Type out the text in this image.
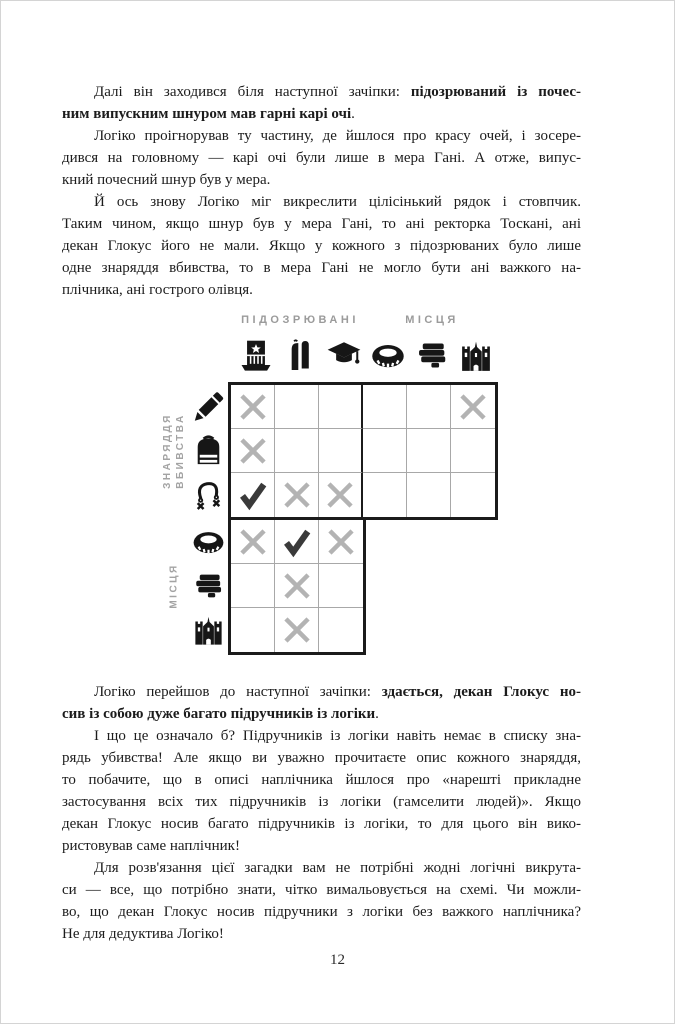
Далі він заходився біля наступної зачіпки: підозрюваний із почес-
ним випускним шнуром мав гарні карі очі.
Логіко проігнорував ту частину, де йшлося про красу очей, і зосере-
дився на головному — карі очі були лише в мера Гані. А отже, випус-
кний почесний шнур був у мера.
Й ось знову Логіко міг викреслити цілісінький рядок і стовпчик.
Таким чином, якщо шнур був у мера Гані, то ані ректорка Тоскані, ані
декан Глокус його не мали. Якщо у кожного з підозрюваних було лише
одне знаряддя вбивства, то в мера Гані не могло бути ані важкого на-
плічника, ані гострого олівця.
ПІДОЗРЮВАНІ	МІСЦЯ
ЗНАРЯДДЯ ВБИВСТВА
МІСЦЯ
Логіко перейшов до наступної зачіпки: здається, декан Глокус но-
сив із собою дуже багато підручників із логіки.
І що це означало б? Підручників із логіки навіть немає в списку зна-
рядь убивства! Але якщо ви уважно прочитаєте опис кожного знаряддя,
то побачите, що в описі наплічника йшлося про «нарешті прикладне
застосування всіх тих підручників із логіки (гамселити людей)». Якщо
декан Глокус носив багато підручників із логіки, то для цього він вико-
ристовував саме наплічник!
Для розв'язання цієї загадки вам не потрібні жодні логічні викрута-
си — все, що потрібно знати, чітко вимальовується на схемі. Чи можли-
во, що декан Глокус носив підручники з логіки без важкого наплічника?
Не для дедуктива Логіко!
12
